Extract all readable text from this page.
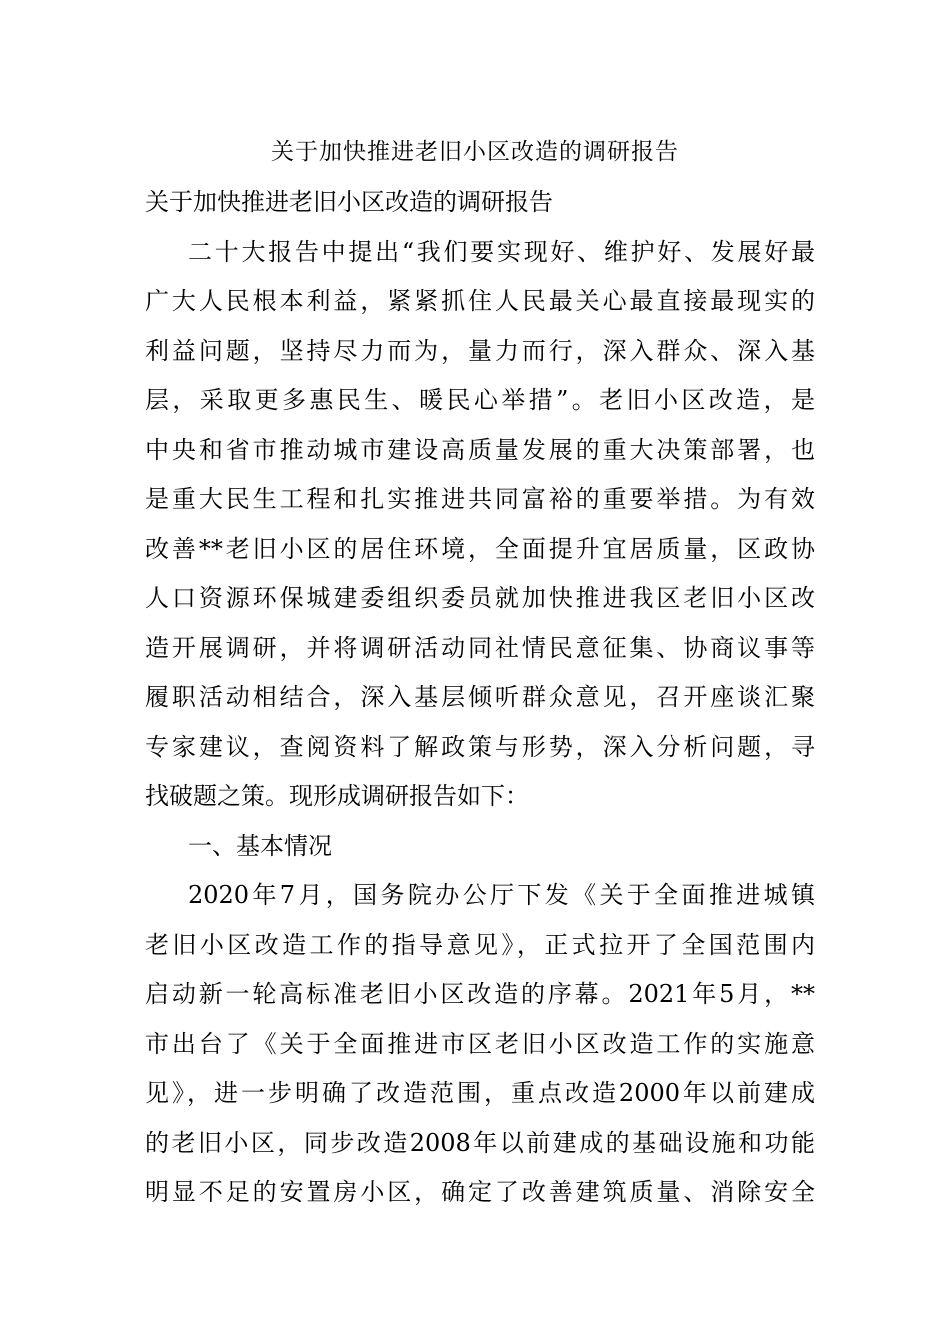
关于加快推进老旧小区改造的调研报告
关于加快推进老旧小区改造的调研报告
二十大报告中提出“我们要实现好、维护好、发展好最
广大人民根本利益，紧紧抓住人民最关心最直接最现实的
利益问题，坚持尽力而为，量力而行，深入群众、深入基
层，采取更多惠民生、暖民心举措”。老旧小区改造，是
中央和省市推动城市建设高质量发展的重大决策部署，也
是重大民生工程和扎实推进共同富裕的重要举措。为有效
改善**老旧小区的居住环境，全面提升宜居质量，区政协
人口资源环保城建委组织委员就加快推进我区老旧小区改
造开展调研，并将调研活动同社情民意征集、协商议事等
履职活动相结合，深入基层倾听群众意见，召开座谈汇聚
专家建议，查阅资料了解政策与形势，深入分析问题，寻
找破题之策。现形成调研报告如下：
一、基本情况
2020年7月，国务院办公厅下发《关于全面推进城镇
老旧小区改造工作的指导意见》，正式拉开了全国范围内
启动新一轮高标准老旧小区改造的序幕。2021年5月，**
市出台了《关于全面推进市区老旧小区改造工作的实施意
见》，进一步明确了改造范围，重点改造2000年以前建成
的老旧小区，同步改造2008年以前建成的基础设施和功能
明显不足的安置房小区，确定了改善建筑质量、消除安全
